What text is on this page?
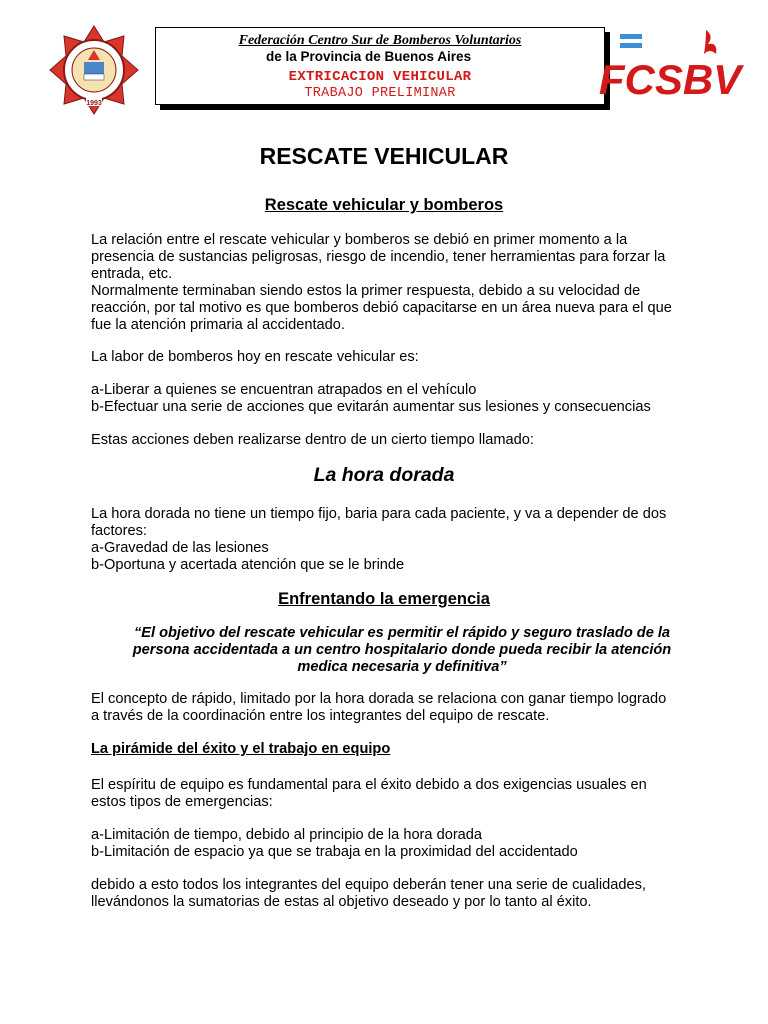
1993
Federación Centro Sur de Bomberos Voluntarios
de la Provincia de Buenos Aires
EXTRICACION VEHICULAR
TRABAJO PRELIMINAR	FCSBV
RESCATE VEHICULAR
Rescate vehicular y bomberos

La relación entre el rescate vehicular y bomberos se debió en primer momento a la

presencia de sustancias peligrosas, riesgo de incendio, tener herramientas para forzar la

entrada, etc.

Normalmente terminaban siendo estos la primer respuesta, debido a su velocidad de

reacción, por tal motivo es que bomberos debió capacitarse en un área nueva para el que

fue la atención primaria al accidentado.

La labor de bomberos hoy en rescate vehicular es:

a-Liberar a quienes se encuentran atrapados en el vehículo

b-Efectuar una serie de acciones que evitarán aumentar sus lesiones y consecuencias

Estas acciones deben realizarse dentro de un cierto tiempo llamado:

La hora dorada

La hora dorada no tiene un tiempo fijo, baria para cada paciente, y va a depender de dos

factores:

a-Gravedad de las lesiones

b-Oportuna y acertada atención que se le brinde

Enfrentando la emergencia
“El objetivo del rescate vehicular es permitir el rápido y seguro traslado de la
persona accidentada a un centro hospitalario donde pueda recibir la atención
medica necesaria y definitiva”

El concepto de rápido, limitado por la hora dorada se relaciona con ganar tiempo logrado

a través de la coordinación entre los integrantes del equipo de rescate.

La pirámide del éxito y el trabajo en equipo

El espíritu de equipo es fundamental para el éxito debido a dos exigencias usuales en

estos tipos de emergencias:

a-Limitación de tiempo, debido al principio de la hora dorada

b-Limitación de espacio ya que se trabaja en la proximidad del accidentado

debido a esto todos los integrantes del equipo deberán tener una serie de cualidades,

llevándonos la sumatorias de estas al objetivo deseado y por lo tanto al éxito.
